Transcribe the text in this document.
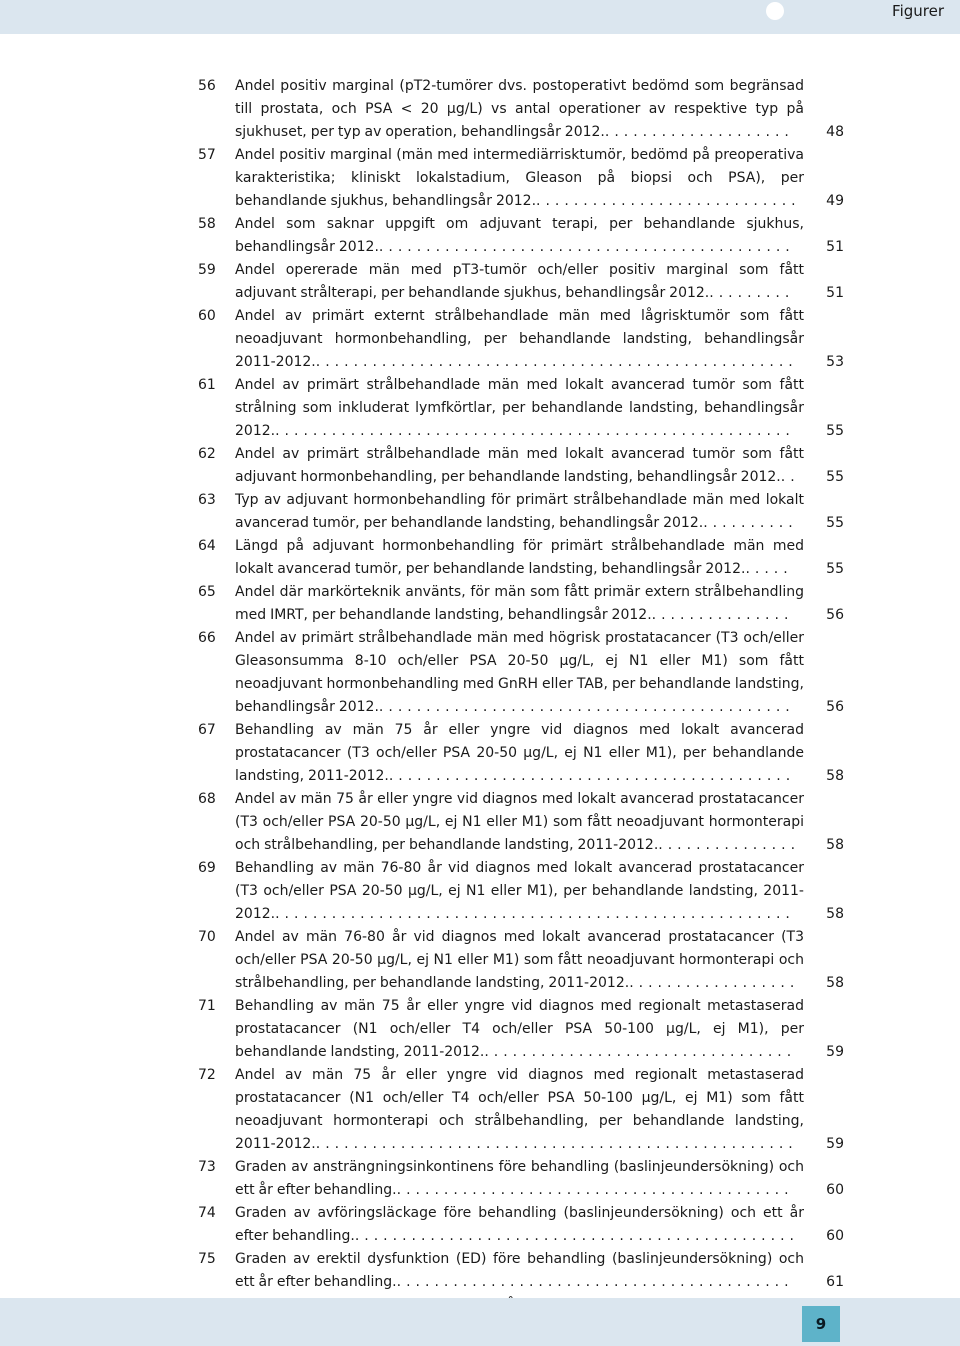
Figurer
56	Andel positiv marginal (pT2-tumörer dvs. postoperativt bedömd som begränsad till prostata, och PSA < 20 µg/L) vs antal operationer av respektive typ på sjukhuset, per typ av operation, behandlingsår 2012.....................	48
57	Andel positiv marginal (män med intermediärrisktumör, bedömd på preoperativa karakteristika; kliniskt lokalstadium, Gleason på biopsi och PSA), per behandlande sjukhus, behandlingsår 2012.............................	49
58	Andel som saknar uppgift om adjuvant terapi, per behandlande sjukhus, behandlingsår 2012.............................................	51
59	Andel opererade män med pT3-tumör och/eller positiv marginal som fått adjuvant strålterapi, per behandlande sjukhus, behandlingsår 2012..........	51
60	Andel av primärt externt strålbehandlade män med lågrisktumör som fått neoadjuvant hormonbehandling, per behandlande landsting, behandlingsår 2011-2012....................................................	53
61	Andel av primärt strålbehandlade män med lokalt avancerad tumör som fått strålning som inkluderat lymfkörtlar, per behandlande landsting, behandlingsår 2012........................................................	55
62	Andel av primärt strålbehandlade män med lokalt avancerad tumör som fått adjuvant hormonbehandling, per behandlande landsting, behandlingsår 2012...	55
63	Typ av adjuvant hormonbehandling för primärt strålbehandlade män med lokalt avancerad tumör, per behandlande landsting, behandlingsår 2012...........	55
64	Längd på adjuvant hormonbehandling för primärt strålbehandlade män med lokalt avancerad tumör, per behandlande landsting, behandlingsår 2012......	55
65	Andel där markörteknik använts, för män som fått primär extern strålbehandling med IMRT, per behandlande landsting, behandlingsår 2012................	56
66	Andel av primärt strålbehandlade män med högrisk prostatacancer (T3 och/eller Gleasonsumma 8-10 och/eller PSA 20-50 µg/L, ej N1 eller M1) som fått neoadjuvant hormonbehandling med GnRH eller TAB, per behandlande landsting, behandlingsår 2012.............................................	56
67	Behandling av män 75 år eller yngre vid diagnos med lokalt avancerad prostatacancer (T3 och/eller PSA 20-50 µg/L, ej N1 eller M1), per behandlande landsting, 2011-2012............................................	58
68	Andel av män 75 år eller yngre vid diagnos med lokalt avancerad prostatacancer (T3 och/eller PSA 20-50 µg/L, ej N1 eller M1) som fått neoadjuvant hormonterapi och strålbehandling, per behandlande landsting, 2011-2012................	58
69	Behandling av män 76-80 år vid diagnos med lokalt avancerad prostatacancer (T3 och/eller PSA 20-50 µg/L, ej N1 eller M1), per behandlande landsting, 2011-2012........................................................	58
70	Andel av män 76-80 år vid diagnos med lokalt avancerad prostatacancer (T3 och/eller PSA 20-50 µg/L, ej N1 eller M1) som fått neoadjuvant hormonterapi och strålbehandling, per behandlande landsting, 2011-2012...................	58
71	Behandling av män 75 år eller yngre vid diagnos med regionalt metastaserad prostatacancer (N1 och/eller T4 och/eller PSA 50-100 µg/L, ej M1), per behandlande landsting, 2011-2012..................................	59
72	Andel av män 75 år eller yngre vid diagnos med regionalt metastaserad prostatacancer (N1 och/eller T4 och/eller PSA 50-100 µg/L, ej M1) som fått neoadjuvant hormonterapi och strålbehandling, per behandlande landsting, 2011-2012....................................................	59
73	Graden av ansträngningsinkontinens före behandling (baslinjeundersökning) och ett år efter behandling...........................................	60
74	Graden av avföringsläckage före behandling (baslinjeundersökning) och ett år efter behandling................................................	60
75	Graden av erektil dysfunktion (ED) före behandling (baslinjeundersökning) och ett år efter behandling...........................................	61
9
